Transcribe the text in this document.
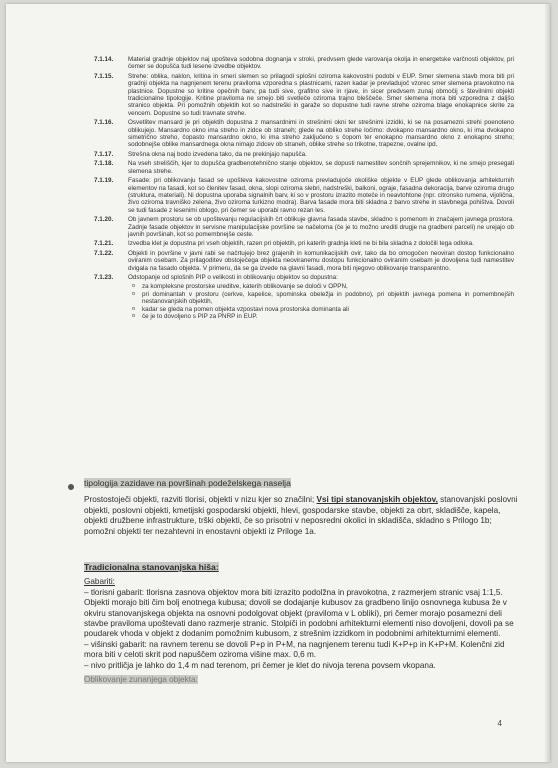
7.1.14.	Material gradnje objektov naj upošteva sodobna dognanja v stroki, predvsem glede varovanja okolja in energetske varčnosti objektov, pri čemer se dopušča tudi lesene izvedbe objektov.
7.1.15.	Strehe: oblika, naklon, kritina in smeri slemen so prilagodi splošni oziroma kakovostni podobi v EUP. Smer slemena stavb mora biti pri gradnji objekta na nagnjenem terenu praviloma vzporedna s plastnicami, razen kadar je prevladujoč vzorec smer slemena pravokotno na plastnice. Dopustne so kritine opečnih barv, pa tudi sive, grafitno sive in rjave, in sicer predvsem zunaj območij s številnimi objekti tradicionalne tipologije. Kritine praviloma ne smejo biti svetleče oziroma trajno bleščeče. Smer slemena mora biti vzporedna z daljšo stranico objekta. Pri pomožnih objektih kot so nadstreški in garaže so dopustne tudi ravne strehe oziroma blage enokapnice skrite za vencem. Dopustne so tudi travnate strehe.
7.1.16.	Osvetlitev mansard je pri objektih dopustna z mansardnimi in strešnimi okni ter strešnimi izzidki, ki se na posamezni strehi poenoteno oblikujejo. Mansardno okno ima streho in zidce ob straneh; glede na obliko strehe ločimo: dvokapno mansardno okno, ki ima dvokapno simetrično streho, čopasto mansardno okno, ki ima streho zaključeno s čopom ter enokapno mansardno okno z enokapno streho; sodobnejše oblike mansardnega okna nimajo zidcev ob straneh, oblike strehe so trikotne, trapezne, ovalne ipd.
7.1.17.	Strešna okna naj bodo izvedena tako, da ne prekinjajo napušča.
7.1.18.	Na vseh streliščih, kjer to dopušča gradbenotehnično stanje objektov, se dopusti namestitev sončnih sprejemnikov, ki ne smejo presegati slemena strehe.
7.1.19.	Fasade: pri oblikovanju fasad se upošteva kakovostne oziroma prevladujoče okoliške objekte v EUP glede oblikovanja arhitekturnih elementov na fasadi, kot so členitev fasad, okna, slopi oziroma slebri, nadstreški, balkoni, ograje, fasadna dekoracija, barve oziroma drugo (struktura, materiali). Ni dopustna uporaba signalnih barv, ki so v prostoru izrazito moteče in neavtohtone (npr. citronsko rumena, vijolična, živo oziroma travniško zelena, živo oziroma turkizno modra). Barva fasade mora biti skladna z barvo strehe in stavbnega pohištva. Dovoli se tudi fasade z lesenimi oblogo, pri čemer se uporabi ravno rezan les.
7.1.20.	Ob javnem prostoru se ob upoštevanju regulacijskih črt oblikuje glavna fasada stavbe, skladno s pomenom in značajem javnega prostora. Zadnje fasade objektov in servisne manipulacijske površine se načeloma (če je to možno urediti drugje na gradbeni parceli) ne urejajo ob javnih površinah, kot so pomembnejše ceste.
7.1.21.	Izvedba klet je dopustna pri vseh objektih, razen pri objektih, pri katerih gradnja kleti ne bi bila skladna z določili tega odloka.
7.1.22.	Objekti in površine v javni rabi se načrtujejo brez grajenih in komunikacijskih ovir, tako da bo omogočen neoviran dostop funkcionalno oviranim osebam. Za prilagoditev obstoječega objekta neoviranemu dostopu funkcionalno oviranim osebam je dovoljena tudi namestitev dvigala na fasado objekta. V primeru, da se ga izvede na glavni fasadi, mora biti njegovo oblikovanje transparentno.
7.1.23.	Odstopanje od splošnih PIP o velikosti in oblikovanju objektov so dopustna:
o za kompleksne prostorske ureditve, katerih oblikovanje se določi v OPPN,
o pri dominantah v prostoru (cerkve, kapelice, spominska obeležja in podobno), pri objektih javnega pomena in pomembnejših nestanovanjskih objektih,
o kadar se gleda na pomen objekta vzpostavi nova prostorska dominanta ali
o če je to dovoljeno s PIP za PNRP in EUP.

tipologija zazidave na površinah podeželskega naselja

Prostostoječi objekti, razviti tlorisi, objekti v nizu kjer so značilni; Vsi tipi stanovanjskih objektov, stanovanjski poslovni objekti, poslovni objekti, kmetijski gospodarski objekti, hlevi, gospodarske stavbe, objekti za obrt, skladišče, kapela, objekti družbene infrastrukture, trški objekti, če so prisotni v neposredni okolici in skladišča, skladno s Prilogo 1b; pomožni objekti ter nezahtevni in enostavni objekti iz Priloge 1a.

Tradicionalna stanovanjska hiša:

Gabariti:

– tlorisni gabarit: tlorisna zasnova objektov mora biti izrazito podolžna in pravokotna, z razmerjem stranic vsaj 1:1,5. Objekti morajo biti čim bolj enotnega kubusa; dovoli se dodajanje kubusov za gradbeno linijo osnovnega kubusa že v okviru stanovanjskega objekta na osnovni podolgovat objekt (praviloma v L obliki), pri čemer morajo posamezni deli stavbe praviloma upoštevati dano razmerje stranic. Stolpiči in podobni arhitekturni elementi niso dovoljeni, dovoli pa se poudarek vhoda v objekt z dodanim pomožnim kubusom, z strešnim izzidkom in podobnimi arhitekturnimi elementi.

– višinski gabarit: na ravnem terenu se dovoli P+p in P+M, na nagnjenem terenu tudi K+P+p in K+P+M. Kolenčni zid mora biti v celoti skrit pod napuščem oziroma višine max. 0,6 m.

– nivo pritličja je lahko do 1,4 m nad terenom, pri čemer je klet do nivoja terena povsem vkopana.

Oblikovanje zunanjega objekta:

4
